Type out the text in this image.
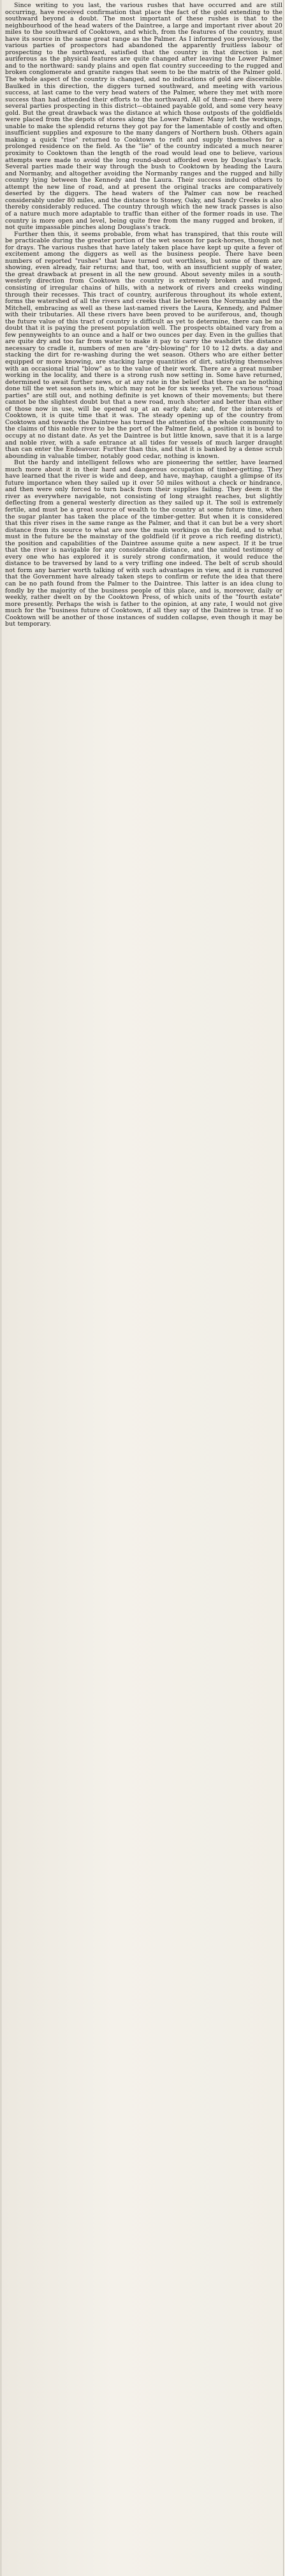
Since writing to you last, the various rushes that have occurred and are still occurring, have received confirmation that place the fact of the gold extending to the southward beyond a doubt. The most important of these rushes is that to the neighbourhood of the head waters of the Daintree, a large and important river about 20 miles to the southward of Cooktown, and which, from the features of the country, must have its source in the same great range as the Palmer. As I informed you previously, the various parties of prospectors had abandoned the apparently fruitless labour of prospecting to the northward, satisfied that the country in that direction is not auriferous as the physical features are quite changed after leaving the Lower Palmer and to the northward: sandy plains and open flat country succeeding to the rugged and broken conglomerate and granite ranges that seem to be the matrix of the Palmer gold. The whole aspect of the country is changed, and no indications of gold are discernible. Baulked in this direction, the diggers turned southward, and meeting with various success, at last came to the very head waters of the Palmer, where they met with more success than had attended their efforts to the northward. All of them—and there were several parties prospecting in this district—obtained payable gold, and some very heavy gold. But the great drawback was the distance at which those outposts of the goldfields were placed from the depots of stores along the Lower Palmer. Many left the workings, unable to make the splendid returns they got pay for the lamentable of costly and often insufficient supplies and exposure to the many dangers of Northern bush. Others again making a quick "rise" returned to Cooktown to refit and supply themselves for a prolonged residence on the field. As the "lie" of the country indicated a much nearer proximity to Cooktown than the length of the road would lead one to believe, various attempts were made to avoid the long round-about afforded even by Douglas's track. Several parties made their way through the bush to Cooktown by heading the Laura and Normanby, and altogether avoiding the Normanby ranges and the rugged and hilly country lying between the Kennedy and the Laura. Their success induced others to attempt the new line of road, and at present the original tracks are comparatively deserted by the diggers. The head waters of the Palmer can now be reached considerably under 80 miles, and the distance to Stoney, Oaky, and Sandy Creeks is also thereby considerably reduced. The country through which the new track passes is also of a nature much more adaptable to traffic than either of the former roads in use. The country is more open and level, being quite free from the many rugged and broken, if not quite impassable pinches along Douglass's track.

Further then this, it seems probable, from what has transpired, that this route will be practicable during the greater portion of the wet season for pack-horses, though not for drays. The various rushes that have lately taken place have kept up quite a fever of excitement among the diggers as well as the business people. There have been numbers of reported "rushes" that have turned out worthless, but some of them are showing, even already, fair returns; and that, too, with an insufficient supply of water, the great drawback at present in all the new ground. About seventy miles in a south-westerly direction from Cooktown the country is extremely broken and rugged, consisting of irregular chains of hills, with a network of rivers and creeks winding through their recesses. This tract of country, auriferous throughout its whole extent, forms the watershed of all the rivers and creeks that lie between the Normanby and the Mitchell, embracing as well as these last-named rivers the Laura, Kennedy, and Palmer with their tributaries. All these rivers have been proved to be auriferous, and, though the future value of this tract of country is difficult as yet to determine, there can be no doubt that it is paying the present population well. The prospects obtained vary from a few pennyweights to an ounce and a half or two ounces per day. Even in the gullies that are quite dry and too far from water to make it pay to carry the washdirt the distance necessary to cradle it, numbers of men are "dry-blowing" for 10 to 12 dwts. a day and stacking the dirt for re-washing during the wet season. Others who are either better equipped or more knowing, are stacking large quantities of dirt, satisfying themselves with an occasional trial "blow" as to the value of their work. There are a great number working in the locality, and there is a strong rush now setting in. Some have returned, determined to await further news, or at any rate in the belief that there can be nothing done till the wet season sets in, which may not be for six weeks yet. The various "road parties" are still out, and nothing definite is yet known of their movements; but there cannot be the slightest doubt but that a new road, much shorter and better than either of those now in use, will be opened up at an early date; and, for the interests of Cooktown, it is quite time that it was. The steady opening up of the country from Cooktown and towards the Daintree has turned the attention of the whole community to the claims of this noble river to be the port of the Palmer field, a position it is bound to occupy at no distant date. As yet the Daintree is but little known, save that it is a large and noble river, with a safe entrance at all tides for vessels of much larger draught than can enter the Endeavour. Further than this, and that it is banked by a dense scrub abounding in valuable timber, notably good cedar, nothing is known.

But the hardy and intelligent fellows who are pioneering the settler, have learned much more about it in their hard and dangerous occupation of timber-getting. They have learned that the river is wide and deep, and have, mayhap, caught a glimpse of its future importance when they sailed up it over 50 miles without a check or hindrance, and then were only forced to turn back from their supplies failing. They deem it the river as everywhere navigable, not consisting of long straight reaches, but slightly deflecting from a general westerly direction as they sailed up it. The soil is extremely fertile, and must be a great source of wealth to the country at some future time, when the sugar planter has taken the place of the timber-getter. But when it is considered that this river rises in the same range as the Palmer, and that it can but be a very short distance from its source to what are now the main workings on the field, and to what must in the future be the mainstay of the goldfield (if it prove a rich reefing district), the position and capabilities of the Daintree assume quite a new aspect. If it be true that the river is navigable for any considerable distance, and the united testimony of every one who has explored it is surely strong confirmation, it would reduce the distance to be traversed by land to a very trifling one indeed. The belt of scrub should not form any barrier worth talking of with such advantages in view, and it is rumoured that the Government have already taken steps to confirm or refute the idea that there can be no path found from the Palmer to the Daintree. This latter is an idea clung to fondly by the majority of the business people of this place, and is, moreover, daily or weekly, rather dwelt on by the Cooktown Press, of which units of the "fourth estate" more presently. Perhaps the wish is father to the opinion, at any rate, I would not give much for the "business future of Cooktown, if all they say of the Daintree is true. If so Cooktown will be another of those instances of sudden collapse, even though it may be but temporary.
